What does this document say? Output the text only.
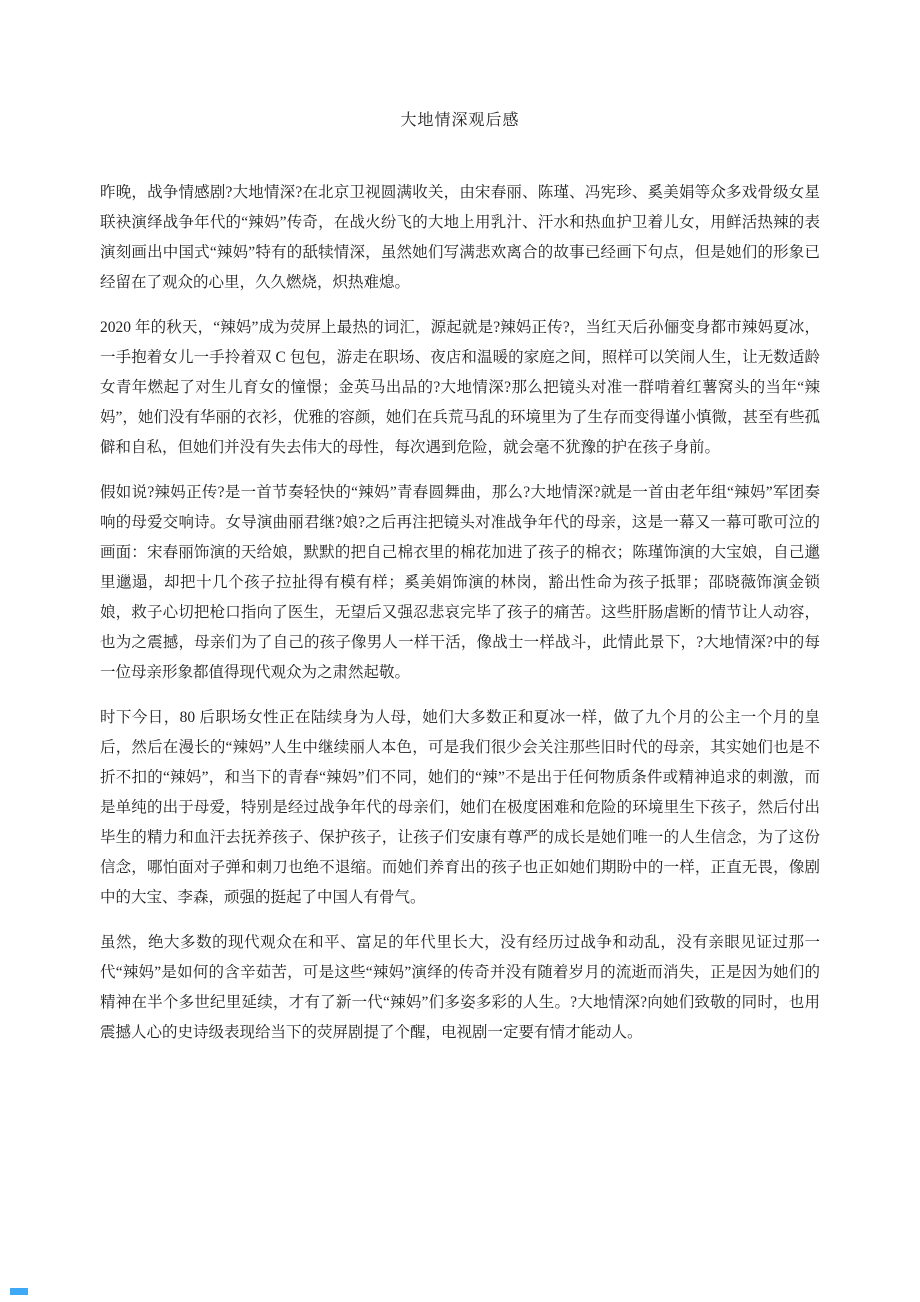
大地情深观后感

昨晚，战争情感剧?大地情深?在北京卫视圆满收关，由宋春丽、陈瑾、冯宪珍、奚美娟等众多戏骨级女星联袂演绎战争年代的“辣妈”传奇，在战火纷飞的大地上用乳汁、汗水和热血护卫着儿女，用鲜活热辣的表演刻画出中国式“辣妈”特有的舐犊情深，虽然她们写满悲欢离合的故事已经画下句点，但是她们的形象已经留在了观众的心里，久久燃烧，炽热难熄。

2020 年的秋天，“辣妈”成为荧屏上最热的词汇，源起就是?辣妈正传?，当红天后孙俪变身都市辣妈夏冰，一手抱着女儿一手拎着双 C 包包，游走在职场、夜店和温暖的家庭之间，照样可以笑闹人生，让无数适龄女青年燃起了对生儿育女的憧憬；金英马出品的?大地情深?那么把镜头对准一群啃着红薯窝头的当年“辣妈”，她们没有华丽的衣衫，优雅的容颜，她们在兵荒马乱的环境里为了生存而变得谨小慎微，甚至有些孤僻和自私，但她们并没有失去伟大的母性，每次遇到危险，就会毫不犹豫的护在孩子身前。

假如说?辣妈正传?是一首节奏轻快的“辣妈”青春圆舞曲，那么?大地情深?就是一首由老年组“辣妈”军团奏响的母爱交响诗。女导演曲丽君继?娘?之后再注把镜头对准战争年代的母亲，这是一幕又一幕可歌可泣的画面：宋春丽饰演的天给娘，默默的把自己棉衣里的棉花加进了孩子的棉衣；陈瑾饰演的大宝娘，自己邋里邋遢，却把十几个孩子拉扯得有模有样；奚美娟饰演的林岗，豁出性命为孩子抵罪；邵晓薇饰演金锁娘，救子心切把枪口指向了医生，无望后又强忍悲哀完毕了孩子的痛苦。这些肝肠虐断的情节让人动容，也为之震撼，母亲们为了自己的孩子像男人一样干活，像战士一样战斗，此情此景下，?大地情深?中的每一位母亲形象都值得现代观众为之肃然起敬。

时下今日，80 后职场女性正在陆续身为人母，她们大多数正和夏冰一样，做了九个月的公主一个月的皇后，然后在漫长的“辣妈”人生中继续丽人本色，可是我们很少会关注那些旧时代的母亲，其实她们也是不折不扣的“辣妈”，和当下的青春“辣妈”们不同，她们的“辣”不是出于任何物质条件或精神追求的刺激，而是单纯的出于母爱，特别是经过战争年代的母亲们，她们在极度困难和危险的环境里生下孩子，然后付出毕生的精力和血汗去抚养孩子、保护孩子，让孩子们安康有尊严的成长是她们唯一的人生信念，为了这份信念，哪怕面对子弹和刺刀也绝不退缩。而她们养育出的孩子也正如她们期盼中的一样，正直无畏，像剧中的大宝、李森，顽强的挺起了中国人有骨气。

虽然，绝大多数的现代观众在和平、富足的年代里长大，没有经历过战争和动乱，没有亲眼见证过那一代“辣妈”是如何的含辛茹苦，可是这些“辣妈”演绎的传奇并没有随着岁月的流逝而消失，正是因为她们的精神在半个多世纪里延续，才有了新一代“辣妈”们多姿多彩的人生。?大地情深?向她们致敬的同时，也用震撼人心的史诗级表现给当下的荧屏剧提了个醒，电视剧一定要有情才能动人。
